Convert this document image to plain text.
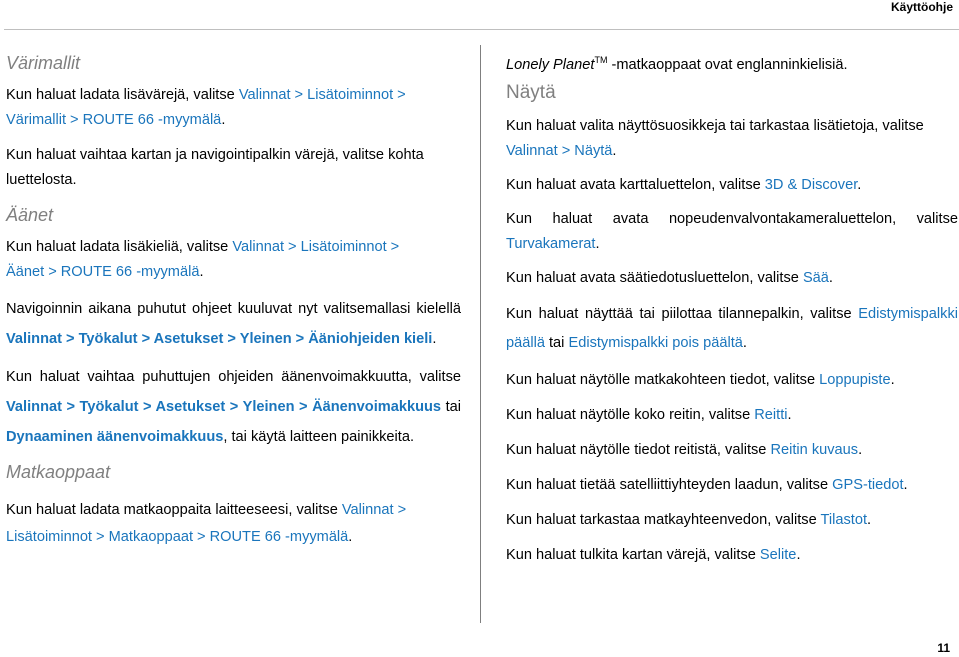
Käyttöohje
Värimallit

Kun haluat ladata lisävärejä, valitse Valinnat > Lisätoiminnot >
Värimallit > ROUTE 66 -myymälä.

Kun haluat vaihtaa kartan ja navigointipalkin värejä, valitse kohta luettelosta.

Äänet

Kun haluat ladata lisäkieliä, valitse Valinnat > Lisätoiminnot >
Äänet > ROUTE 66 -myymälä.

Navigoinnin aikana puhutut ohjeet kuuluvat nyt valitsemallasi kielellä Valinnat > Työkalut > Asetukset > Yleinen > Ääniohjeiden kieli.

Kun haluat vaihtaa puhuttujen ohjeiden äänenvoimakkuutta, valitse Valinnat > Työkalut > Asetukset > Yleinen > Äänenvoimakkuus tai Dynaaminen äänenvoimakkuus, tai käytä laitteen painikkeita.

Matkaoppaat

Kun haluat ladata matkaoppaita laitteeseesi, valitse Valinnat > Lisätoiminnot > Matkaoppaat > ROUTE 66 -myymälä.

Lonely Planet™ -matkaoppaat ovat englanninkielisiä.

Näytä

Kun haluat valita näyttösuosikkeja tai tarkastaa lisätietoja, valitse Valinnat > Näytä.

Kun haluat avata karttaluettelon, valitse 3D & Discover.

Kun haluat avata nopeudenvalvontakameraluettelon, valitse Turvakamerat.

Kun haluat avata säätiedotusluettelon, valitse Sää.

Kun haluat näyttää tai piilottaa tilannepalkin, valitse Edistymispalkki päällä tai Edistymispalkki pois päältä.

Kun haluat näytölle matkakohteen tiedot, valitse Loppupiste.

Kun haluat näytölle koko reitin, valitse Reitti.

Kun haluat näytölle tiedot reitistä, valitse Reitin kuvaus.

Kun haluat tietää satelliittiyhteyden laadun, valitse GPS-tiedot.

Kun haluat tarkastaa matkayhteenvedon, valitse Tilastot.

Kun haluat tulkita kartan värejä, valitse Selite.

11
